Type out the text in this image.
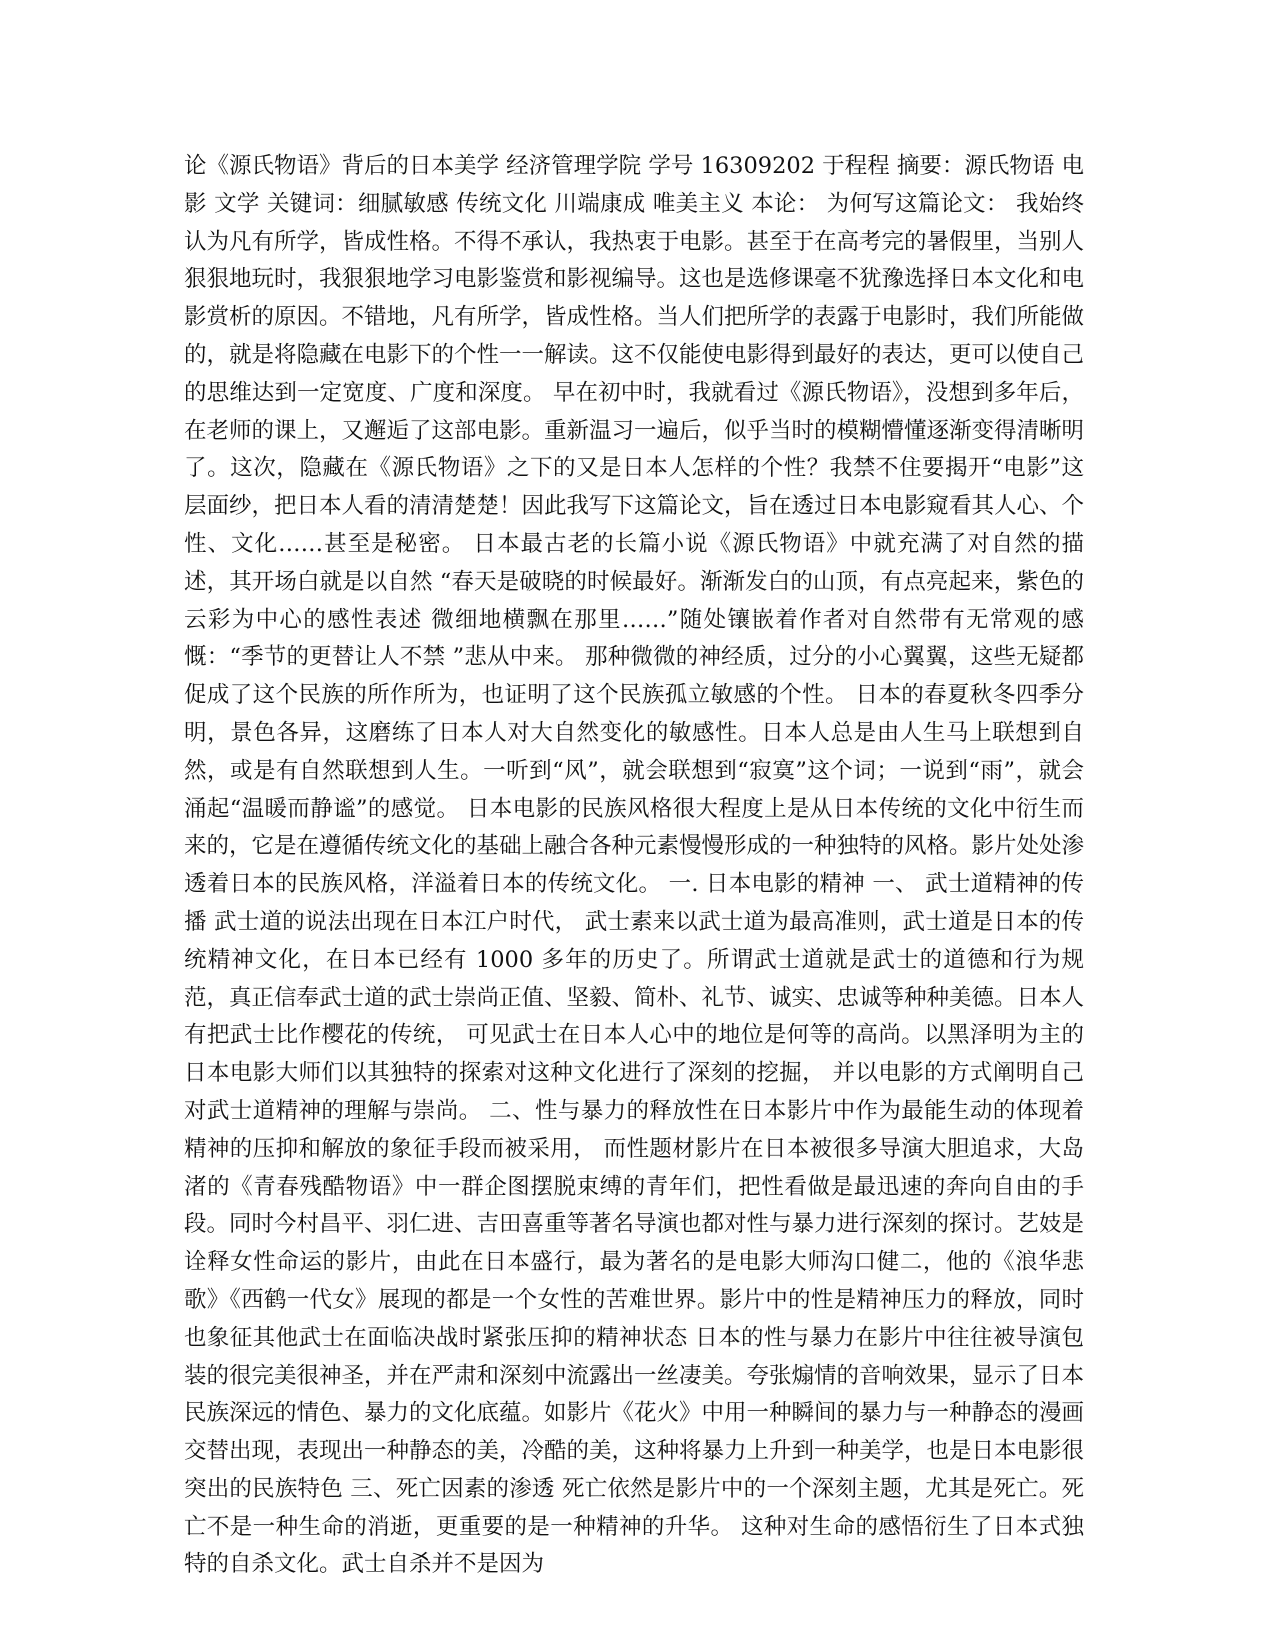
论《源氏物语》背后的日本美学 经济管理学院 学号 16309202 于程程 摘要：源氏物语 电影 文学 关键词：细腻敏感 传统文化 川端康成 唯美主义 本论： 为何写这篇论文： 我始终认为凡有所学，皆成性格。不得不承认，我热衷于电影。甚至于在高考完的暑假里，当别人狠狠地玩时，我狠狠地学习电影鉴赏和影视编导。这也是选修课毫不犹豫选择日本文化和电影赏析的原因。不错地，凡有所学，皆成性格。当人们把所学的表露于电影时，我们所能做的，就是将隐藏在电影下的个性一一解读。这不仅能使电影得到最好的表达，更可以使自己的思维达到一定宽度、广度和深度。 早在初中时，我就看过《源氏物语》，没想到多年后，在老师的课上，又邂逅了这部电影。重新温习一遍后，似乎当时的模糊懵懂逐渐变得清晰明了。这次，隐藏在《源氏物语》之下的又是日本人怎样的个性？我禁不住要揭开“电影”这层面纱，把日本人看的清清楚楚！因此我写下这篇论文，旨在透过日本电影窥看其人心、个性、文化……甚至是秘密。 日本最古老的长篇小说《源氏物语》中就充满了对自然的描述，其开场白就是以自然 “春天是破晓的时候最好。渐渐发白的山顶，有点亮起来，紫色的云彩为中心的感性表述 微细地横飘在那里……”随处镶嵌着作者对自然带有无常观的感慨：“季节的更替让人不禁 ”悲从中来。 那种微微的神经质，过分的小心翼翼，这些无疑都促成了这个民族的所作所为，也证明了这个民族孤立敏感的个性。 日本的春夏秋冬四季分明，景色各异，这磨练了日本人对大自然变化的敏感性。日本人总是由人生马上联想到自然，或是有自然联想到人生。一听到“风”，就会联想到“寂寞”这个词；一说到“雨”，就会涌起“温暖而静谧”的感觉。 日本电影的民族风格很大程度上是从日本传统的文化中衍生而来的，它是在遵循传统文化的基础上融合各种元素慢慢形成的一种独特的风格。影片处处渗透着日本的民族风格，洋溢着日本的传统文化。 一. 日本电影的精神 一、 武士道精神的传播 武士道的说法出现在日本江户时代， 武士素来以武士道为最高准则，武士道是日本的传统精神文化，在日本已经有 1000 多年的历史了。所谓武士道就是武士的道德和行为规范，真正信奉武士道的武士崇尚正值、坚毅、简朴、礼节、诚实、忠诚等种种美德。日本人有把武士比作樱花的传统， 可见武士在日本人心中的地位是何等的高尚。以黑泽明为主的日本电影大师们以其独特的探索对这种文化进行了深刻的挖掘， 并以电影的方式阐明自己对武士道精神的理解与崇尚。 二、性与暴力的释放性在日本影片中作为最能生动的体现着精神的压抑和解放的象征手段而被采用， 而性题材影片在日本被很多导演大胆追求，大岛渚的《青春残酷物语》中一群企图摆脱束缚的青年们，把性看做是最迅速的奔向自由的手段。同时今村昌平、羽仁进、吉田喜重等著名导演也都对性与暴力进行深刻的探讨。艺妓是诠释女性命运的影片，由此在日本盛行，最为著名的是电影大师沟口健二，他的《浪华悲歌》《西鹤一代女》展现的都是一个女性的苦难世界。影片中的性是精神压力的释放，同时也象征其他武士在面临决战时紧张压抑的精神状态 日本的性与暴力在影片中往往被导演包装的很完美很神圣，并在严肃和深刻中流露出一丝凄美。夸张煽情的音响效果，显示了日本民族深远的情色、暴力的文化底蕴。如影片《花火》中用一种瞬间的暴力与一种静态的漫画交替出现，表现出一种静态的美，冷酷的美，这种将暴力上升到一种美学，也是日本电影很突出的民族特色 三、死亡因素的渗透 死亡依然是影片中的一个深刻主题，尤其是死亡。死亡不是一种生命的消逝，更重要的是一种精神的升华。 这种对生命的感悟衍生了日本式独特的自杀文化。武士自杀并不是因为
